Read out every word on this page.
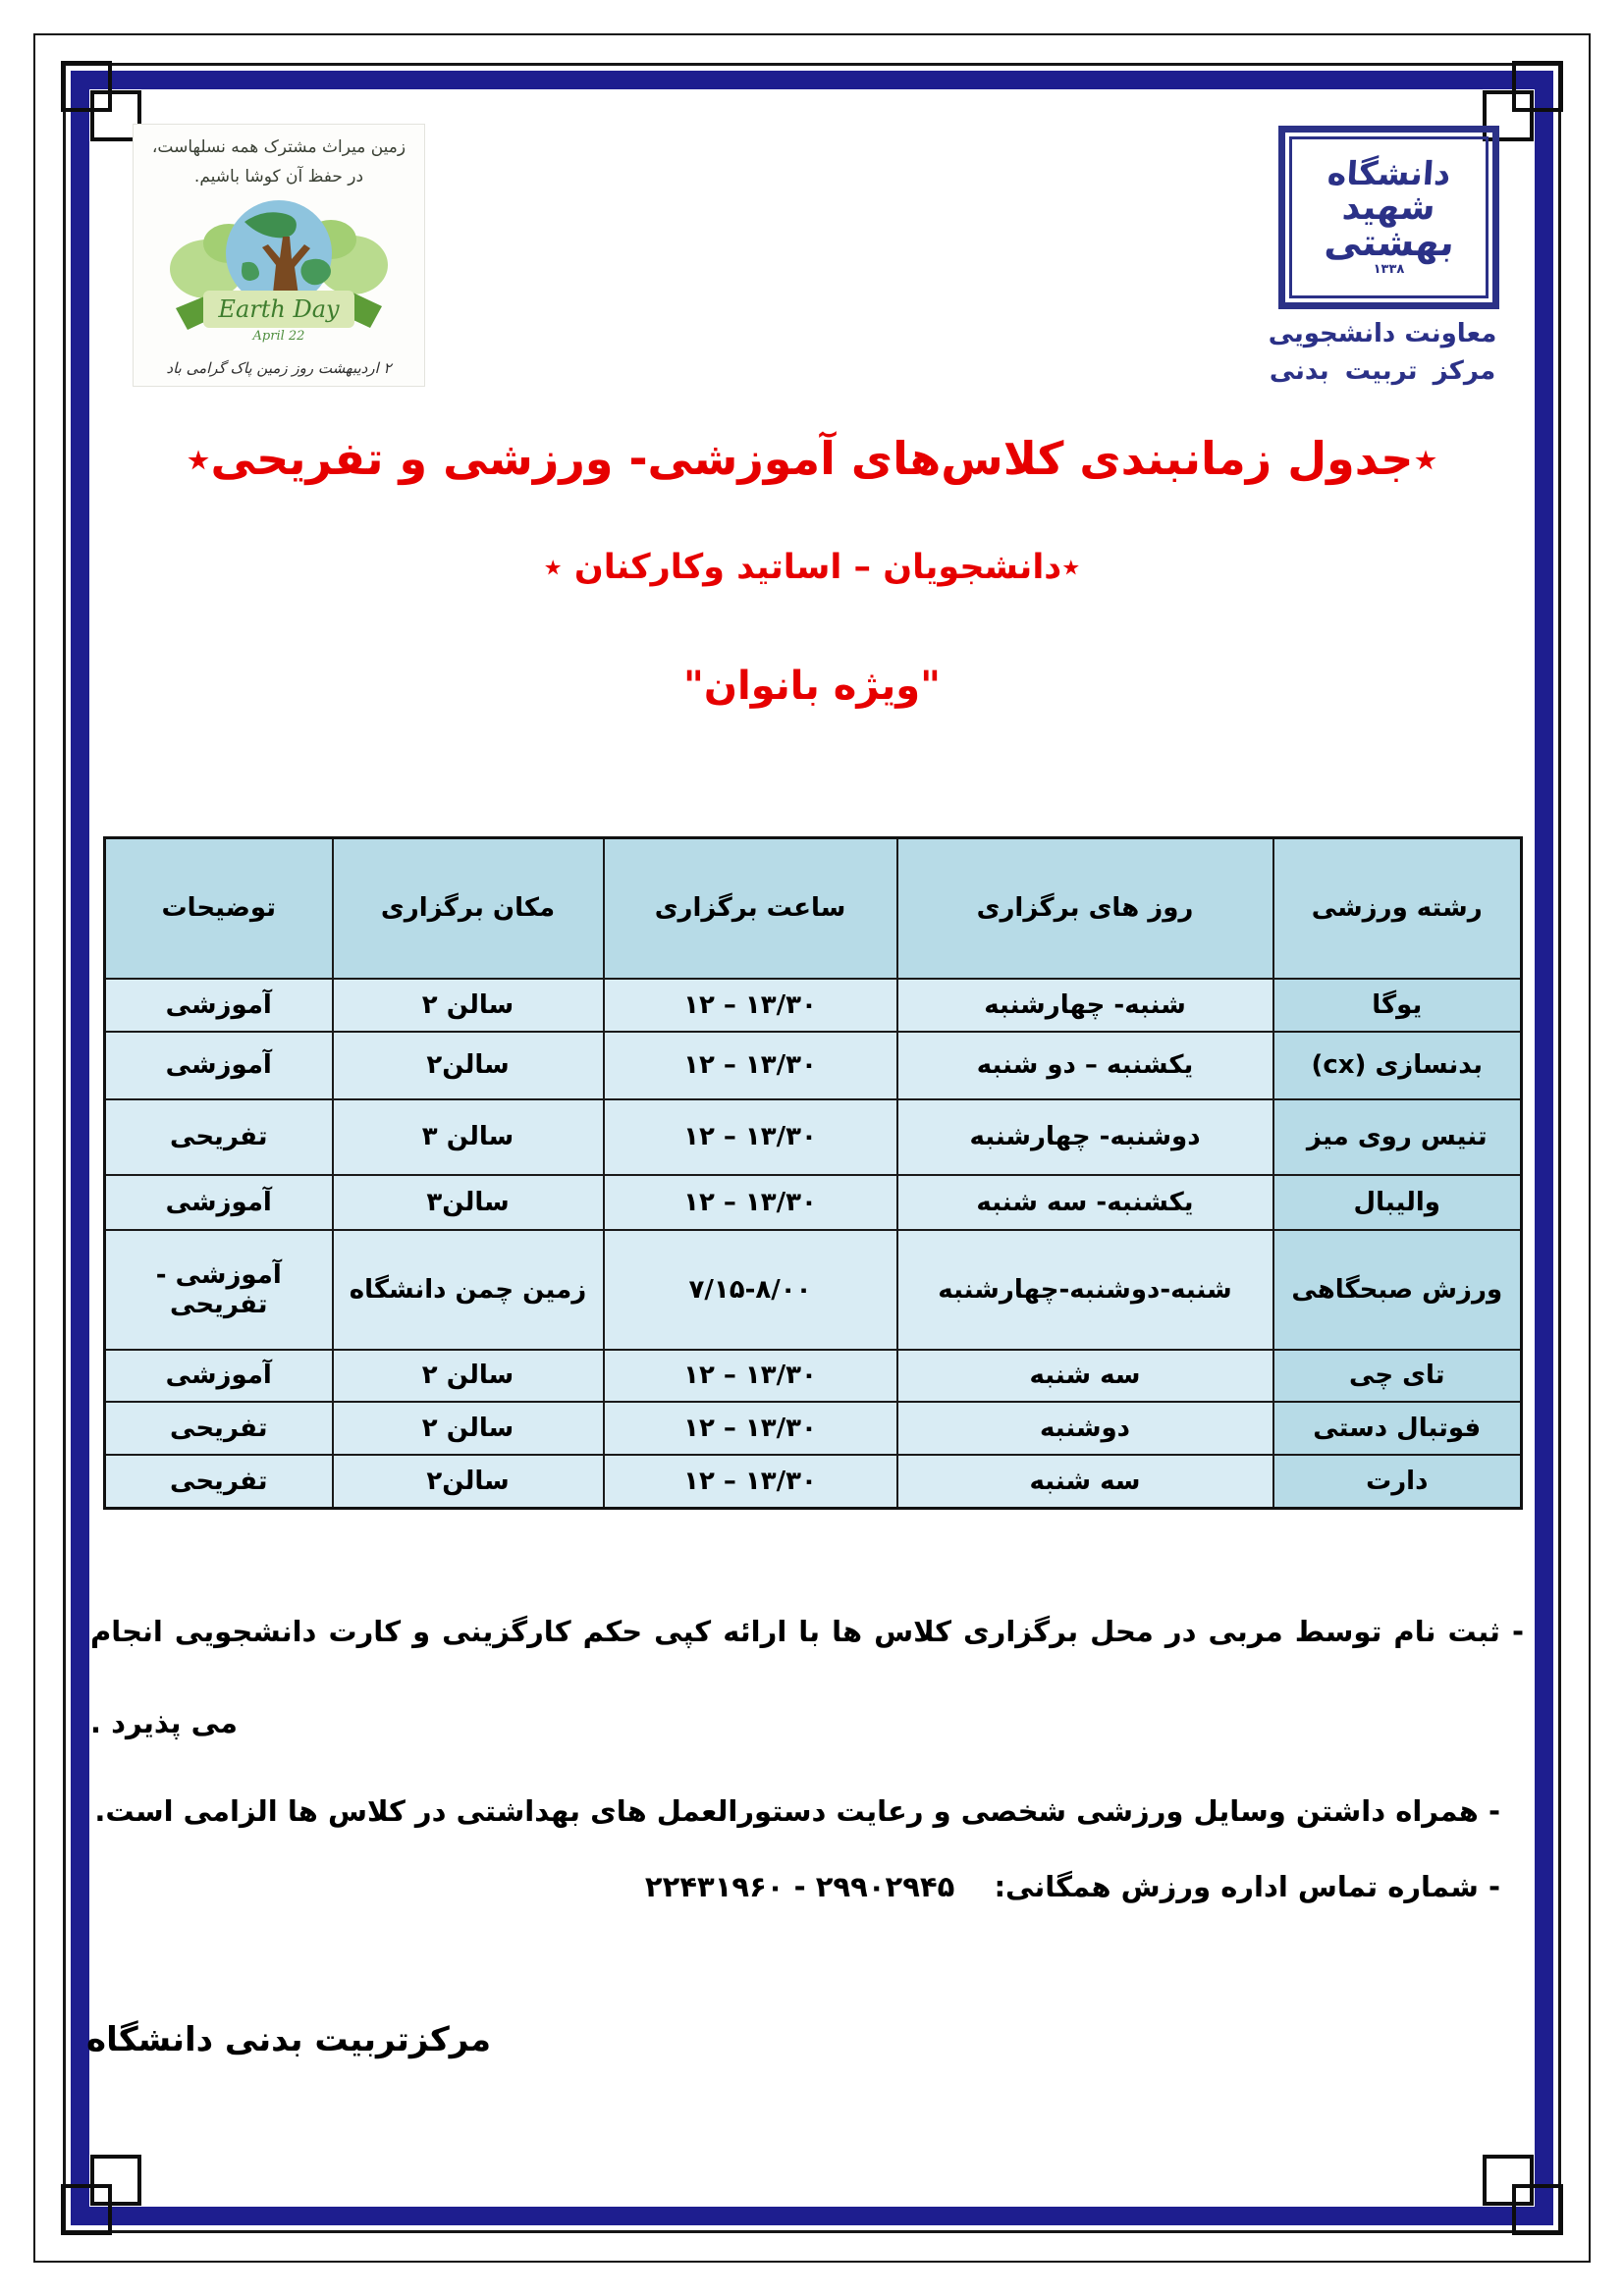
زمین میراث مشترک همه نسلهاست،
در حفظ آن کوشا باشیم.
Earth Day
April 22
۲ اردیبهشت روز زمین پاک گرامی باد
دانشگاه
شهید
بهشتی
۱۳۳۸
معاونت دانشجویی
مرکز تربیت بدنی
٭جدول زمانبندی کلاس‌های آموزشی- ورزشی و تفریحی٭
٭دانشجویان – اساتید وکارکنان ٭
"ویژه بانوان"
رشته ورزشی	روز های برگزاری	ساعت برگزاری	مکان برگزاری	توضیحات
یوگا	شنبه- چهارشنبه	۱۲ – ۱۳/۳۰	سالن ۲	آموزشی
بدنسازی (cx)	یکشنبه – دو شنبه	۱۲ – ۱۳/۳۰	سالن۲	آموزشی
تنیس روی میز	دوشنبه- چهارشنبه	۱۲ – ۱۳/۳۰	سالن ۳	تفریحی
والیبال	یکشنبه- سه شنبه	۱۲ – ۱۳/۳۰	سالن۳	آموزشی
ورزش صبحگاهی	شنبه-دوشنبه-چهارشنبه	۷/۱۵-۸/۰۰	زمین چمن دانشگاه	آموزشی - تفریحی
تای چی	سه شنبه	۱۲ – ۱۳/۳۰	سالن ۲	آموزشی
فوتبال دستی	دوشنبه	۱۲ – ۱۳/۳۰	سالن ۲	تفریحی
دارت	سه شنبه	۱۲ – ۱۳/۳۰	سالن۲	تفریحی
- ثبت نام توسط مربی در محل برگزاری کلاس ها با ارائه کپی حکم کارگزینی و کارت دانشجویی انجام
می پذیرد .
- همراه داشتن وسایل ورزشی شخصی و رعایت دستورالعمل های بهداشتی در کلاس ها الزامی است.
- شماره تماس اداره ورزش همگانی: ۲۲۴۳۱۹۶۰ - ۲۹۹۰۲۹۴۵
مرکزتربیت بدنی دانشگاه
